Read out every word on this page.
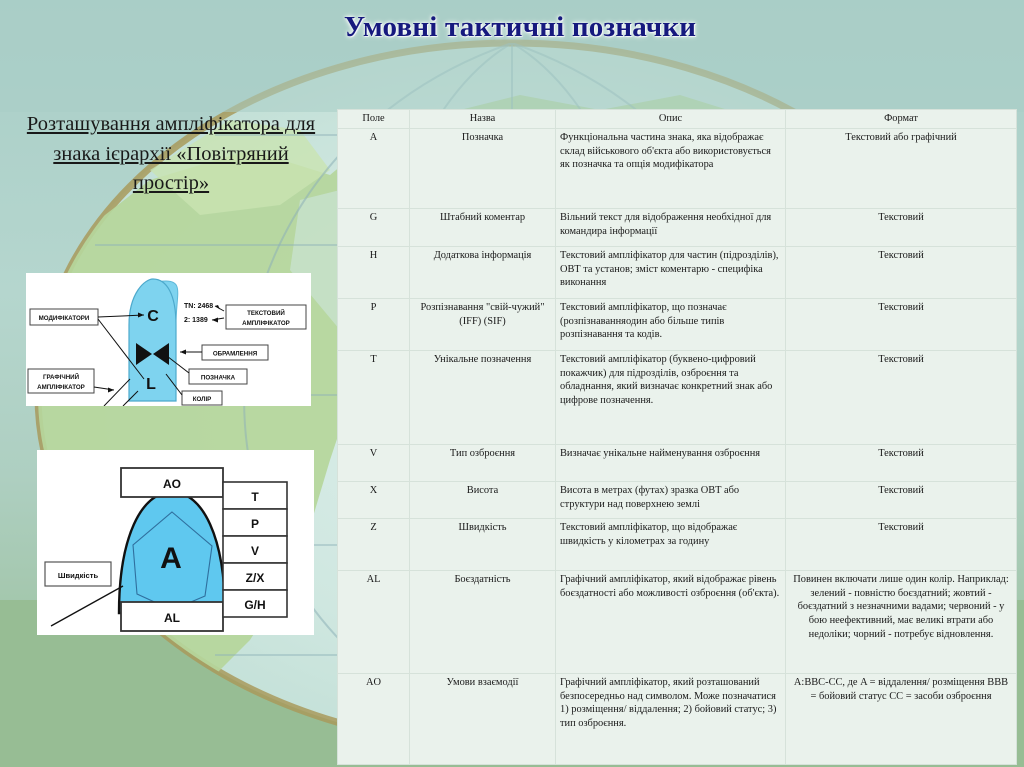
Умовні тактичні позначки
Розташування ампліфікатора для знака ієрархії «Повітряний простір»
C
L
TN: 2468
2: 1389
МОДИФІКАТОРИ
ТЕКСТОВИЙ
АМПЛІФІКАТОР
ОБРАМЛЕННЯ
ПОЗНАЧКА
КОЛІР
ГРАФІЧНИЙ
АМПЛІФІКАТОР
A
AO
AL
T
P
V
Z/X
G/H
Швидкість
Поле	Назва	Опис	Формат
A	Позначка	Функціональна частина знака, яка відображає склад військового об'єкта або використовується як позначка та опція модифікатора	Текстовий або графічний
G	Штабний коментар	Вільний текст для відображення необхідної для командира інформації	Текстовий
H	Додаткова інформація	Текстовий ампліфікатор для частин (підрозділів), ОВТ та установ; зміст коментарю - специфіка виконання	Текстовий
P	Розпізнавання "свій-чужий" (IFF) (SIF)	Текстовий ампліфікатор, що позначає (розпізнаванняодин або більше типів розпізнавання та кодів.	Текстовий
T	Унікальне позначення	Текстовий ампліфікатор (буквено-цифровий покажчик) для підрозділів, озброєння та обладнання, який визначає конкретний знак або цифрове позначення.	Текстовий
V	Тип озброєння	Визначає унікальне найменування озброєння	Текстовий
X	Висота	Висота в метрах (футах) зразка ОВТ або структури над поверхнею землі	Текстовий
Z	Швидкість	Текстовий ампліфікатор, що відображає швидкість у кілометрах за годину	Текстовий
AL	Боєздатність	Графічний ампліфікатор, який відображає рівень боєздатності або можливості озброєння (об'єкта).	Повинен включати лише один колір. Наприклад: зелений - повністю боєздатний; жовтий - боєздатний з незначними вадами; червоний - у бою неефективний, має великі втрати або недоліки; чорний - потребує відновлення.
AO	Умови взаємодії	Графічний ампліфікатор, який розташований безпосередньо над символом. Може позначатися 1) розміщення/ віддалення; 2) бойовий статус; 3) тип озброєння.	A:BBC-CC, де A = віддалення/ розміщення BBB = бойовий статус CC = засоби озброєння
